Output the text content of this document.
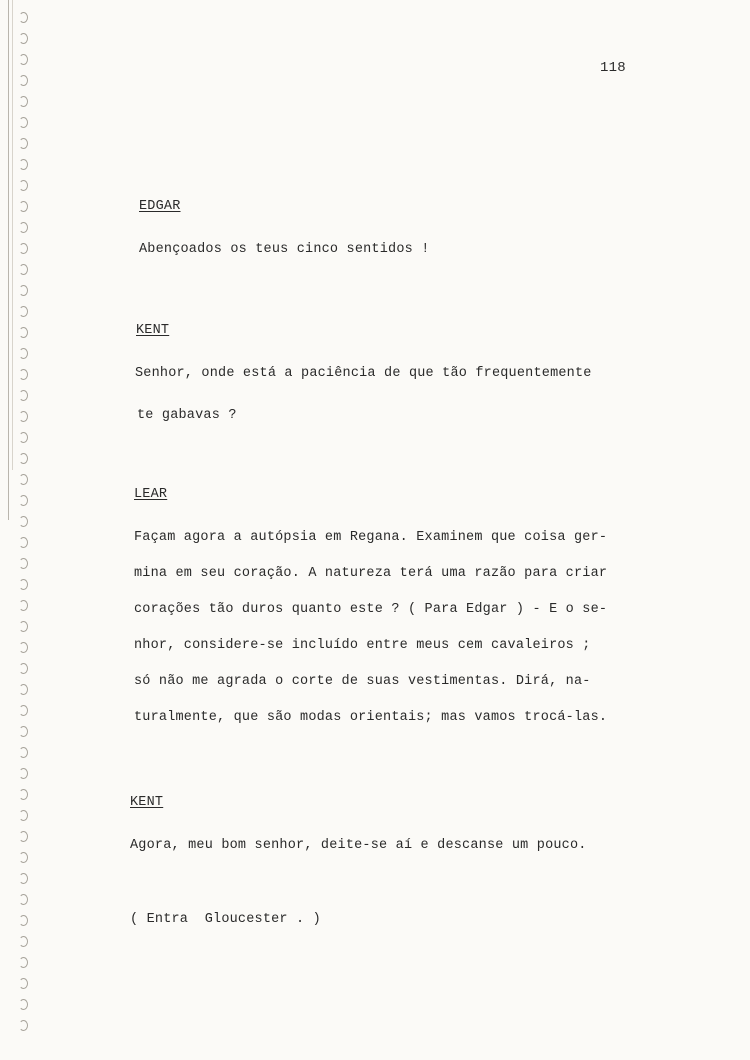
118
EDGAR
Abençoados os teus cinco sentidos !
KENT
Senhor, onde está a paciência de que tão frequentemente
te gabavas ?
LEAR
Façam agora a autópsia em Regana. Examinem que coisa ger-
mina em seu coração. A natureza terá uma razão para criar
corações tão duros quanto este ? ( Para Edgar ) - E o se-
nhor, considere-se incluído entre meus cem cavaleiros ;
só não me agrada o corte de suas vestimentas. Dirá, na-
turalmente, que são modas orientais; mas vamos trocá-las.
KENT
Agora, meu bom senhor, deite-se aí e descanse um pouco.
( Entra  Gloucester . )
